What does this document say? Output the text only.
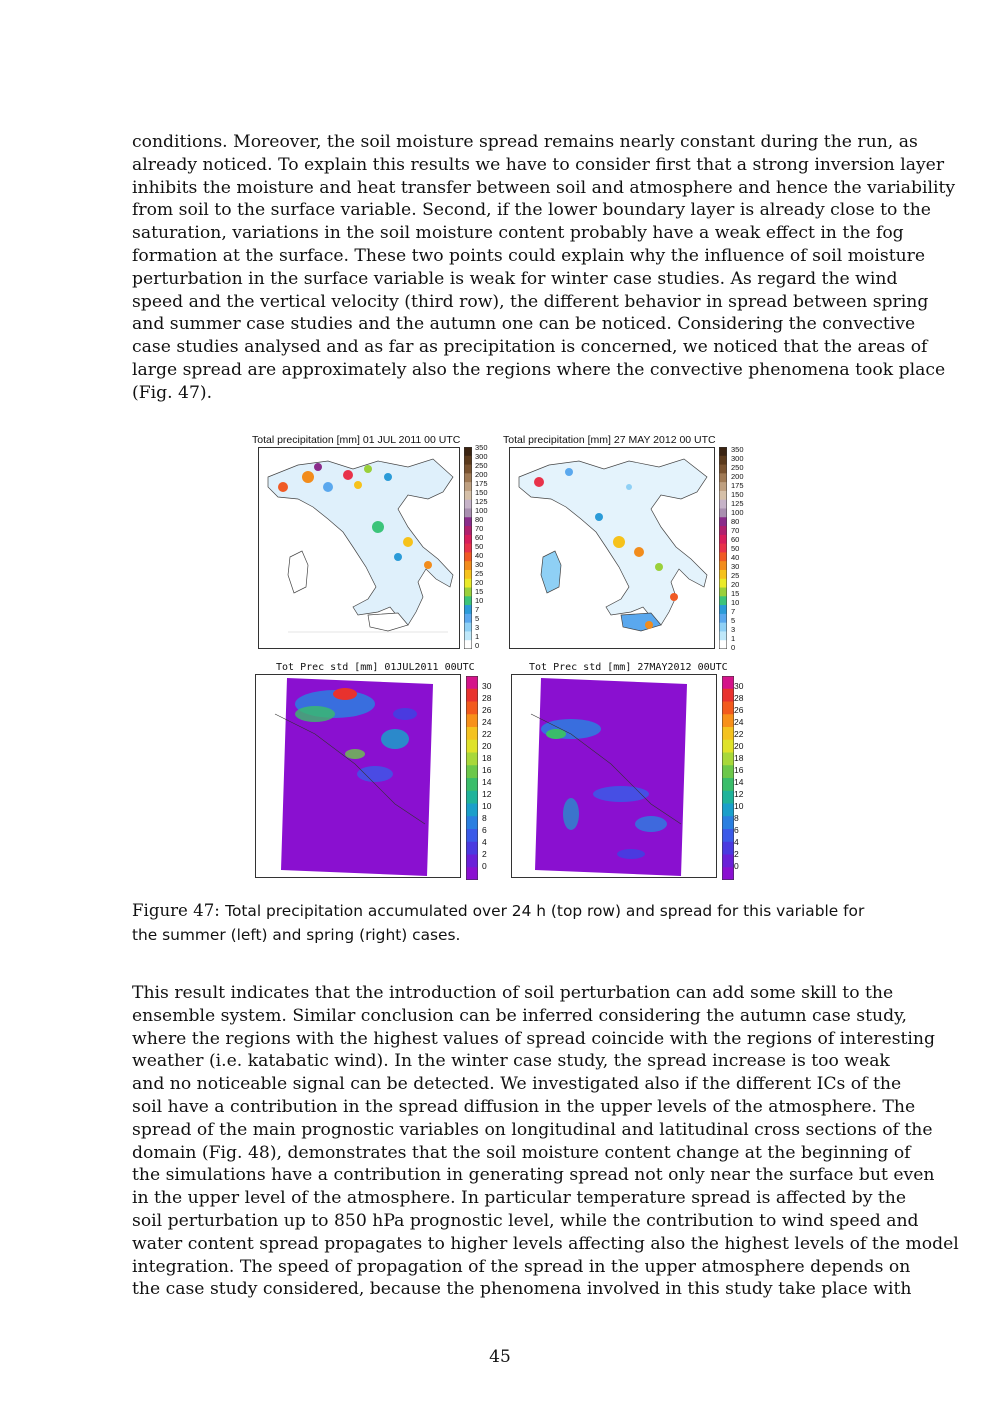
conditions. Moreover, the soil moisture spread remains nearly constant during the run, as
already noticed. To explain this results we have to consider first that a strong inversion layer
inhibits the moisture and heat transfer between soil and atmosphere and hence the variability
from soil to the surface variable. Second, if the lower boundary layer is already close to the
saturation, variations in the soil moisture content probably have a weak effect in the fog
formation at the surface. These two points could explain why the influence of soil moisture
perturbation in the surface variable is weak for winter case studies. As regard the wind
speed and the vertical velocity (third row), the different behavior in spread between spring
and summer case studies and the autumn one can be noticed. Considering the convective
case studies analysed and as far as precipitation is concerned, we noticed that the areas of
large spread are approximately also the regions where the convective phenomena took place
(Fig. 47).
Total precipitation [mm] 01 JUL 2011 00 UTC
350
300
250
200
175
150
125
100
80
70
60
50
40
30
25
20
15
10
7
5
3
1
0
Total precipitation [mm] 27 MAY 2012 00 UTC
350
300
250
200
175
150
125
100
80
70
60
50
40
30
25
20
15
10
7
5
3
1
0
Tot Prec std [mm] 01JUL2011 00UTC
30
28
26
24
22
20
18
16
14
12
10
8
6
4
2
0
Tot Prec std [mm] 27MAY2012 00UTC
30
28
26
24
22
20
18
16
14
12
10
8
6
4
2
0
Figure 47: Total precipitation accumulated over 24 h (top row) and spread for this variable for the summer (left) and spring (right) cases.
This result indicates that the introduction of soil perturbation can add some skill to the
ensemble system. Similar conclusion can be inferred considering the autumn case study,
where the regions with the highest values of spread coincide with the regions of interesting
weather (i.e. katabatic wind). In the winter case study, the spread increase is too weak
and no noticeable signal can be detected. We investigated also if the different ICs of the
soil have a contribution in the spread diffusion in the upper levels of the atmosphere. The
spread of the main prognostic variables on longitudinal and latitudinal cross sections of the
domain (Fig. 48), demonstrates that the soil moisture content change at the beginning of
the simulations have a contribution in generating spread not only near the surface but even
in the upper level of the atmosphere. In particular temperature spread is affected by the
soil perturbation up to 850 hPa prognostic level, while the contribution to wind speed and
water content spread propagates to higher levels affecting also the highest levels of the model
integration. The speed of propagation of the spread in the upper atmosphere depends on
the case study considered, because the phenomena involved in this study take place with
45
